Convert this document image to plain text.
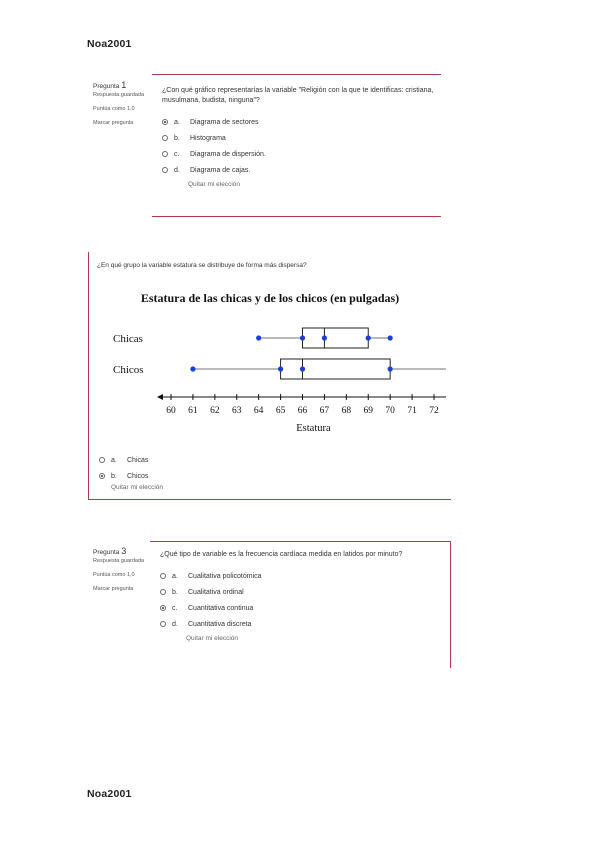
Noa2001
Pregunta 1
Respuesta guardada
Puntúa como 1,0
Marcar pregunta
¿Con qué gráfico representarías la variable "Religión con la que te identificas: cristiana, musulmana, budista, ninguna"?
a.	Diagrama de sectores
b.	Histograma
c.	Diagrama de dispersión.
d.	Diagrama de cajas.
Quitar mi elección
¿En qué grupo la variable estatura se distribuye de forma más dispersa?
Estatura de las chicas y de los chicos (en pulgadas)
Chicas
Chicos
60 61 62 63 64 65 66 67 68 69 70 71 72
Estatura
a.	Chicas
b.	Chicos
Quitar mi elección
Pregunta 3
Respuesta guardada
Puntúa como 1,0
Marcar pregunta
¿Qué tipo de variable es la frecuencia cardíaca medida en latidos por minuto?
a.	Cualitativa policotómica
b.	Cualitativa ordinal
c.	Cuantitativa continua
d.	Cuantitativa discreta
Quitar mi elección
Noa2001
